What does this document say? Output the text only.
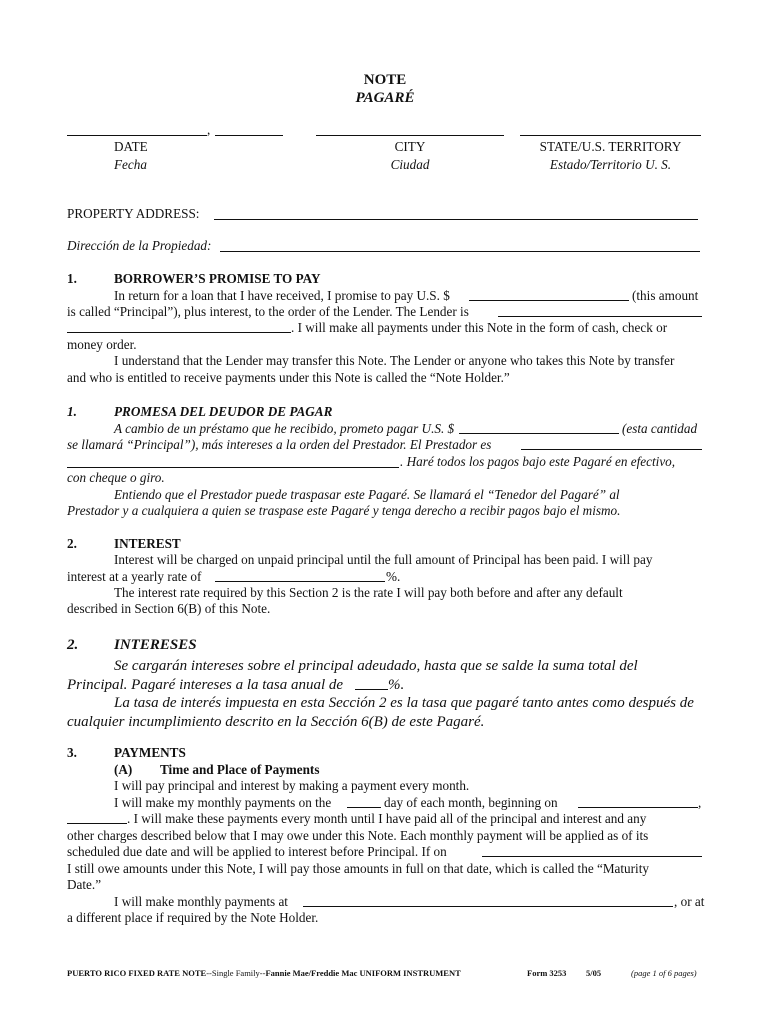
NOTE
PAGARÉ
,
DATE
Fecha
CITY
Ciudad
STATE/U.S. TERRITORY
Estado/Territorio U. S.
PROPERTY ADDRESS:
Dirección de la Propiedad:
1.	BORROWER’S PROMISE TO PAY
In return for a loan that I have received, I promise to pay U.S. $	(this amount
is called “Principal”), plus interest, to the order of the Lender. The Lender is
. I will make all payments under this Note in the form of cash, check or
money order.
I understand that the Lender may transfer this Note. The Lender or anyone who takes this Note by transfer
and who is entitled to receive payments under this Note is called the “Note Holder.”
1.	PROMESA DEL DEUDOR DE PAGAR
A cambio de un préstamo que he recibido, prometo pagar U.S. $	(esta cantidad
se llamará “Principal”), más intereses a la orden del Prestador. El Prestador es
. Haré todos los pagos bajo este Pagaré en efectivo,
con cheque o giro.
Entiendo que el Prestador puede traspasar este Pagaré. Se llamará el “Tenedor del Pagaré” al
Prestador y a cualquiera a quien se traspase este Pagaré y tenga derecho a recibir pagos bajo el mismo.
2.	INTEREST
Interest will be charged on unpaid principal until the full amount of Principal has been paid. I will pay
interest at a yearly rate of	%.
The interest rate required by this Section 2 is the rate I will pay both before and after any default
described in Section 6(B) of this Note.
2. INTERESES
Se cargarán intereses sobre el principal adeudado, hasta que se salde la suma total del
Principal. Pagaré intereses a la tasa anual de	%.
La tasa de interés impuesta en esta Sección 2 es la tasa que pagaré tanto antes como después de
cualquier incumplimiento descrito en la Sección 6(B) de este Pagaré.
3.	PAYMENTS
(A) Time and Place of Payments
I will pay principal and interest by making a payment every month.
I will make my monthly payments on the	day of each month, beginning on	,
. I will make these payments every month until I have paid all of the principal and interest and any
other charges described below that I may owe under this Note. Each monthly payment will be applied as of its
scheduled due date and will be applied to interest before Principal. If on
I still owe amounts under this Note, I will pay those amounts in full on that date, which is called the “Maturity
Date.”
I will make monthly payments at	, or at
a different place if required by the Note Holder.
PUERTO RICO FIXED RATE NOTE--Single Family--Fannie Mae/Freddie Mac UNIFORM INSTRUMENT	Form 3253 5/05	(page 1 of 6 pages)
